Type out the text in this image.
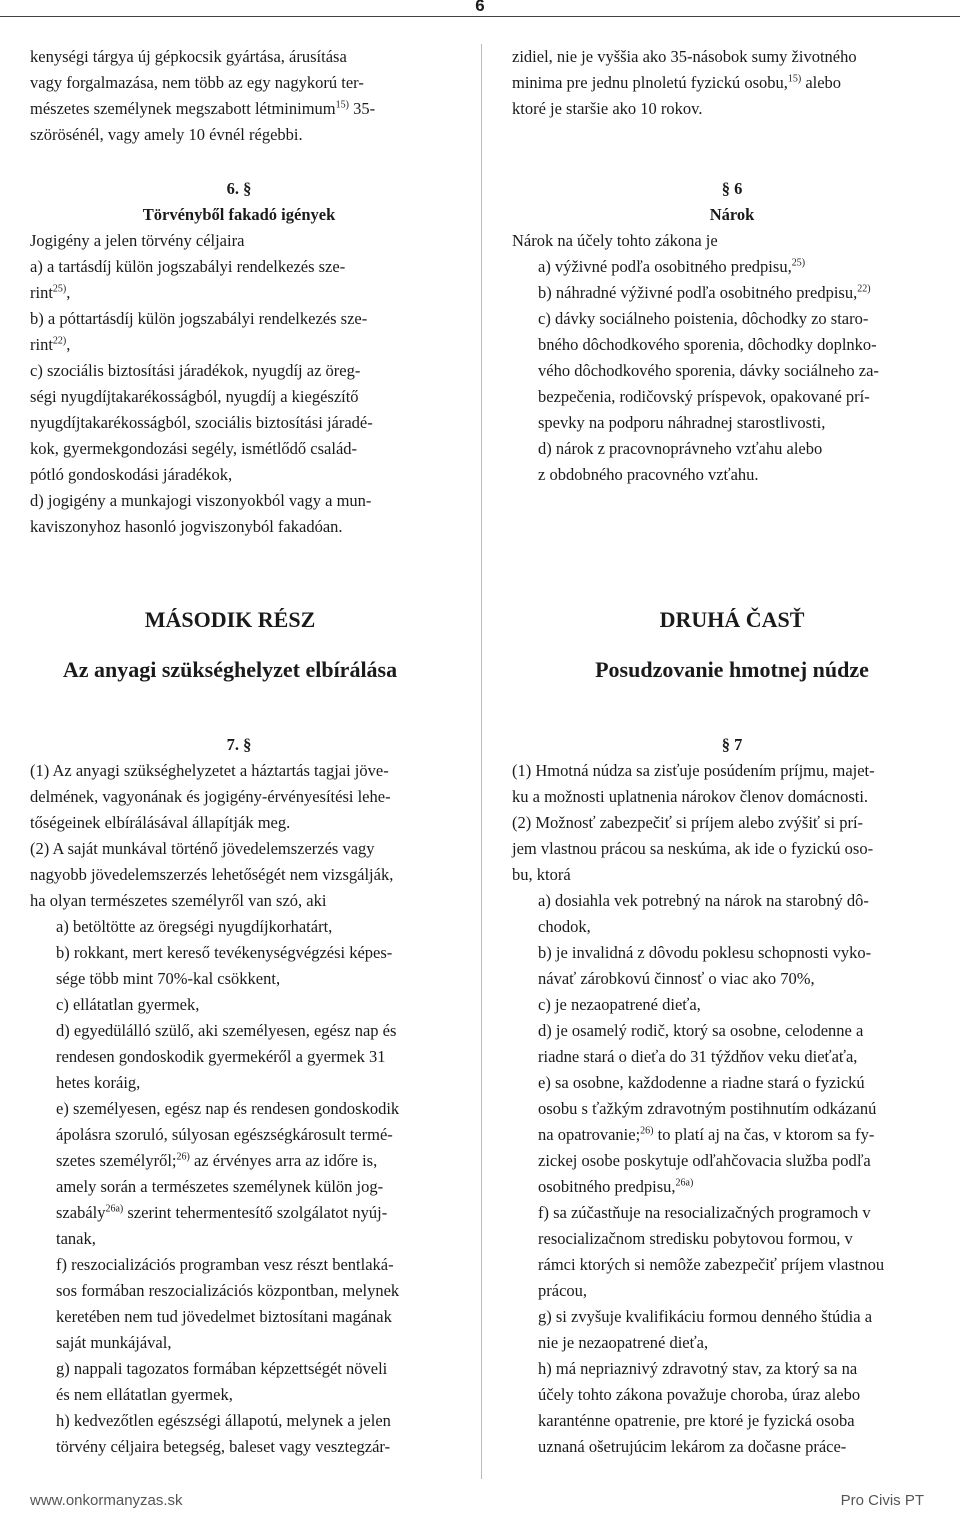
6

kenységi tárgya új gépkocsik gyártása, árusítása

vagy forgalmazása, nem több az egy nagykorú ter-

mészetes személynek megszabott létminimum$^{15)}$ 35-

szörösénél, vagy amely 10 évnél régebbi.

zidiel, nie je vyššia ako 35-násobok sumy životného

minima pre jednu plnoletú fyzickú osobu,$^{15)}$ alebo

ktoré je staršie ako 10 rokov.

6. §

Törvényből fakadó igények

Jogigény a jelen törvény céljaira

a) a tartásdíj külön jogszabályi rendelkezés sze-

rint$^{25)}$,

b) a póttartásdíj külön jogszabályi rendelkezés sze-

rint$^{22)}$,

c) szociális biztosítási járadékok, nyugdíj az öreg-

ségi nyugdíjtakarékosságból, nyugdíj a kiegészítő

nyugdíjtakarékosságból, szociális biztosítási járadé-

kok, gyermekgondozási segély, ismétlődő család-

pótló gondoskodási járadékok,

d) jogigény a munkajogi viszonyokból vagy a mun-

kaviszonyhoz hasonló jogviszonyból fakadóan.

§ 6

Nárok

Nárok na účely tohto zákona je

a) výživné podľa osobitného predpisu,$^{25)}$

b) náhradné výživné podľa osobitného predpisu,$^{22)}$

c) dávky sociálneho poistenia, dôchodky zo staro-

bného dôchodkového sporenia, dôchodky doplnko-

vého dôchodkového sporenia, dávky sociálneho za-

bezpečenia, rodičovský príspevok, opakované prí-

spevky na podporu náhradnej starostlivosti,

d) nárok z pracovnoprávneho vzťahu alebo

z obdobného pracovného vzťahu.

MÁSODIK RÉSZ
Az anyagi szükséghelyzet elbírálása
DRUHÁ ČASŤ
Posudzovanie hmotnej núdze

7. §

(1) Az anyagi szükséghelyzetet a háztartás tagjai jöve-

delmének, vagyonának és jogigény-érvényesítési lehe-

tőségeinek elbírálásával állapítják meg.

(2) A saját munkával történő jövedelemszerzés vagy

nagyobb jövedelemszerzés lehetőségét nem vizsgálják,

ha olyan természetes személyről van szó, aki

a) betöltötte az öregségi nyugdíjkorhatárt,

b) rokkant, mert kereső tevékenységvégzési képes-

sége több mint 70%-kal csökkent,

c) ellátatlan gyermek,

d) egyedülálló szülő, aki személyesen, egész nap és

rendesen gondoskodik gyermekéről a gyermek 31

hetes koráig,

e) személyesen, egész nap és rendesen gondoskodik

ápolásra szoruló, súlyosan egészségkárosult termé-

szetes személyről;$^{26)}$ az érvényes arra az időre is,

amely során a természetes személynek külön jog-

szabály$^{26a)}$ szerint tehermentesítő szolgálatot nyúj-

tanak,

f) reszocializációs programban vesz részt bentlaká-

sos formában reszocializációs központban, melynek

keretében nem tud jövedelmet biztosítani magának

saját munkájával,

g) nappali tagozatos formában képzettségét növeli

és nem ellátatlan gyermek,

h) kedvezőtlen egészségi állapotú, melynek a jelen

törvény céljaira betegség, baleset vagy vesztegzár-

§ 7

(1) Hmotná núdza sa zisťuje posúdením príjmu, majet-

ku a možnosti uplatnenia nárokov členov domácnosti.

(2) Možnosť zabezpečiť si príjem alebo zvýšiť si prí-

jem vlastnou prácou sa neskúma, ak ide o fyzickú oso-

bu, ktorá

a) dosiahla vek potrebný na nárok na starobný dô-

chodok,

b) je invalidná z dôvodu poklesu schopnosti vyko-

návať zárobkovú činnosť o viac ako 70%,

c) je nezaopatrené dieťa,

d) je osamelý rodič, ktorý sa osobne, celodenne a

riadne stará o dieťa do 31 týždňov veku dieťaťa,

e) sa osobne, každodenne a riadne stará o fyzickú

osobu s ťažkým zdravotným postihnutím odkázanú

na opatrovanie;$^{26)}$ to platí aj na čas, v ktorom sa fy-

zickej osobe poskytuje odľahčovacia služba podľa

osobitného predpisu,$^{26a)}$

f) sa zúčastňuje na resocializačných programoch v

resocializačnom stredisku pobytovou formou, v

rámci ktorých si nemôže zabezpečiť príjem vlastnou

prácou,

g) si zvyšuje kvalifikáciu formou denného štúdia a

nie je nezaopatrené dieťa,

h) má nepriaznivý zdravotný stav, za ktorý sa na

účely tohto zákona považuje choroba, úraz alebo

karanténne opatrenie, pre ktoré je fyzická osoba

uznaná ošetrujúcim lekárom za dočasne práce-

www.onkormanyzas.sk	Pro Civis PT
